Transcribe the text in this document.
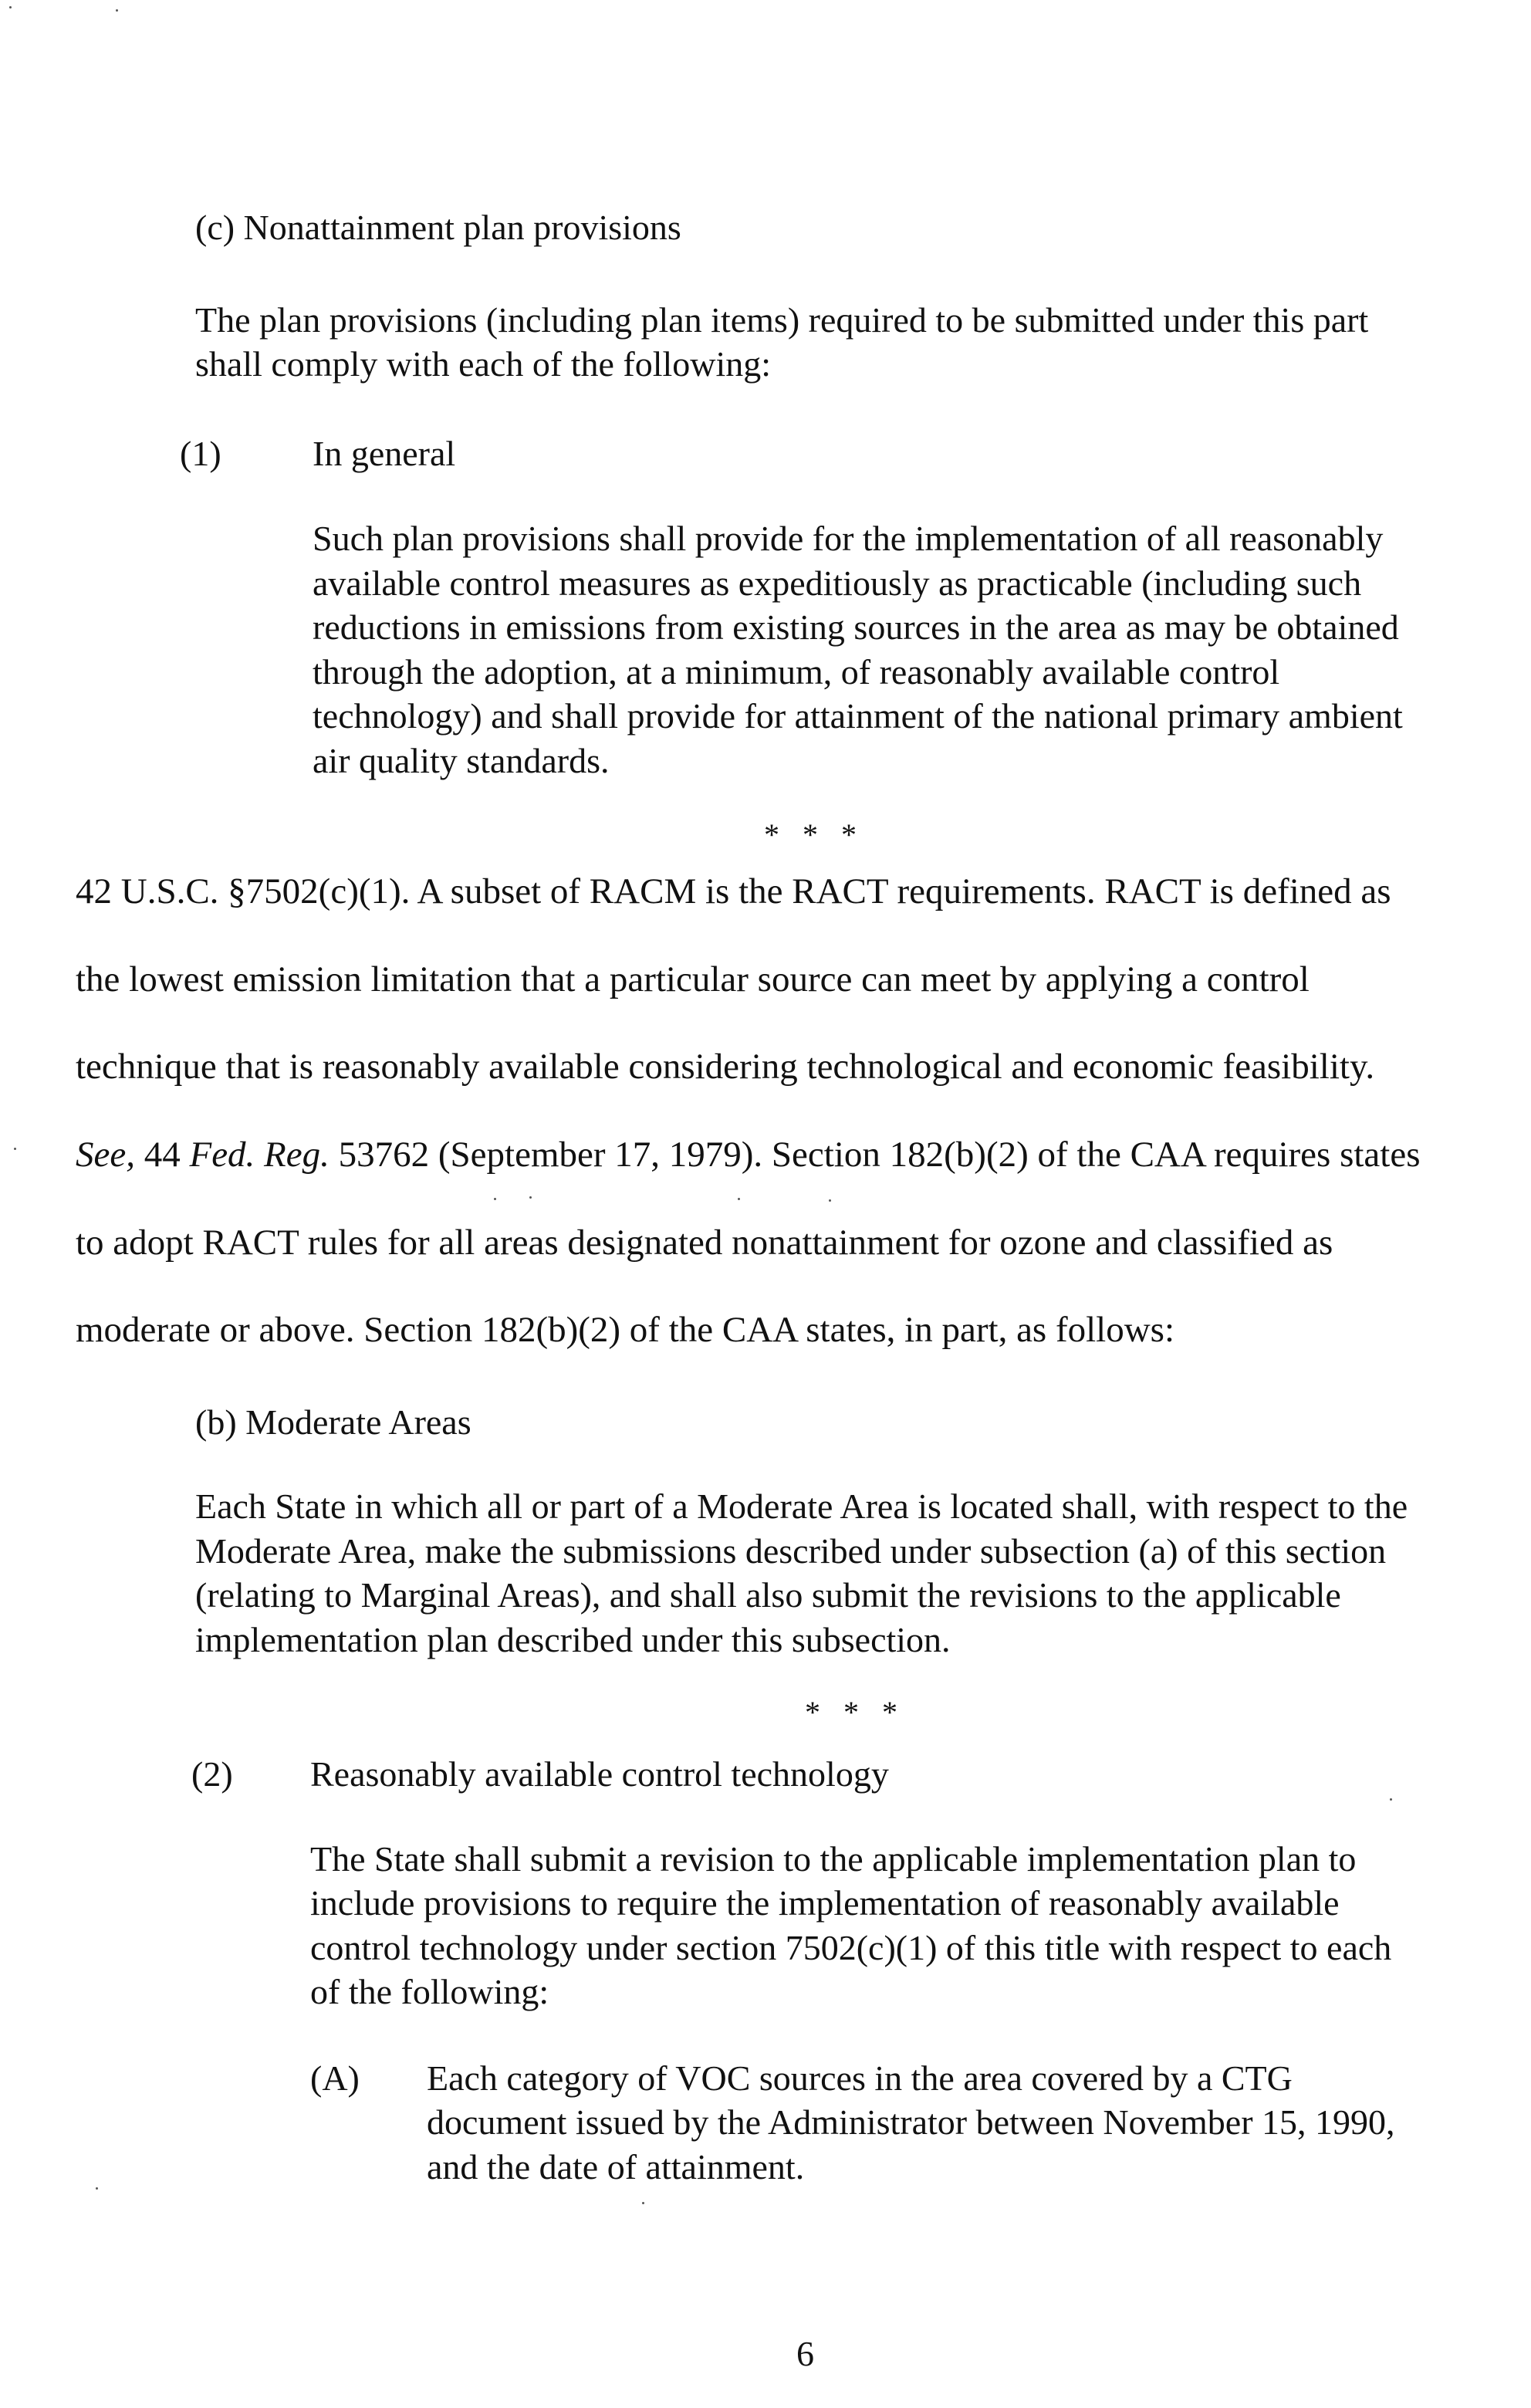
(c) Nonattainment plan provisions
The plan provisions (including plan items) required to be submitted under this part
shall comply with each of the following:
(1)	In general
Such plan provisions shall provide for the implementation of all reasonably
available control measures as expeditiously as practicable (including such
reductions in emissions from existing sources in the area as may be obtained
through the adoption, at a minimum, of reasonably available control
technology) and shall provide for attainment of the national primary ambient
air quality standards.
* * *
42 U.S.C. §7502(c)(1). A subset of RACM is the RACT requirements. RACT is defined as
the lowest emission limitation that a particular source can meet by applying a control
technique that is reasonably available considering technological and economic feasibility.
See, 44 Fed. Reg. 53762 (September 17, 1979). Section 182(b)(2) of the CAA requires states
to adopt RACT rules for all areas designated nonattainment for ozone and classified as
moderate or above. Section 182(b)(2) of the CAA states, in part, as follows:
(b) Moderate Areas
Each State in which all or part of a Moderate Area is located shall, with respect to the
Moderate Area, make the submissions described under subsection (a) of this section
(relating to Marginal Areas), and shall also submit the revisions to the applicable
implementation plan described under this subsection.
* * *
(2) Reasonably available control technology
The State shall submit a revision to the applicable implementation plan to
include provisions to require the implementation of reasonably available
control technology under section 7502(c)(1) of this title with respect to each
of the following:
(A) Each category of VOC sources in the area covered by a CTG
document issued by the Administrator between November 15, 1990,
and the date of attainment.
6
